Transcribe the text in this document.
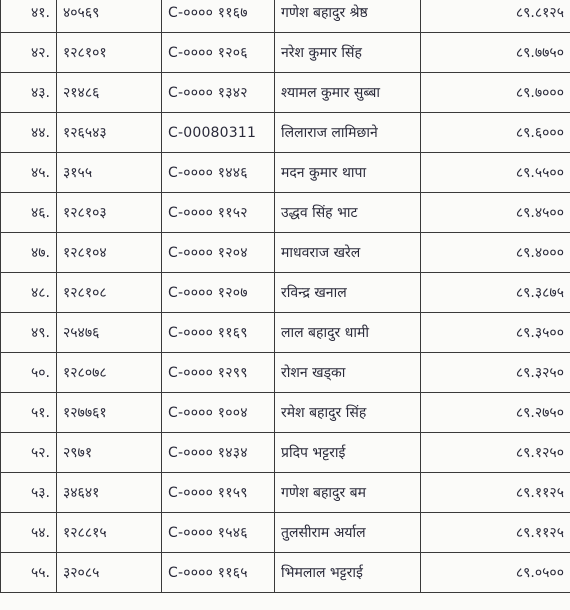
४१.	४०५६९	C-०००० ११६७	गणेश बहादुर श्रेष्ठ	८९.८१२५
४२.	१२८१०१	C-०००० १२०६	नरेश कुमार सिंह	८९.७७५०
४३.	२१४८६	C-०००० १३४२	श्यामल कुमार सुब्बा	८९.७०००
४४.	१२६५४३	C-00080311	लिलाराज लामिछाने	८९.६०००
४५.	३१५५	C-०००० १४४६	मदन कुमार थापा	८९.५५००
४६.	१२८१०३	C-०००० ११५२	उद्धव सिंह भाट	८९.४५००
४७.	१२८१०४	C-०००० १२०४	माधवराज खरेल	८९.४०००
४८.	१२८१०८	C-०००० १२०७	रविन्द्र खनाल	८९.३८७५
४९.	२५४७६	C-०००० ११६९	लाल बहादुर धामी	८९.३५००
५०.	१२८०७८	C-०००० १२९९	रोशन खड्का	८९.३२५०
५१.	१२७७६१	C-०००० १००४	रमेश बहादुर सिंह	८९.२७५०
५२.	२९७१	C-०००० १४३४	प्रदिप भट्टराई	८९.१२५०
५३.	३४६४१	C-०००० ११५९	गणेश बहादुर बम	८९.११२५
५४.	१२८८१५	C-०००० १५४६	तुलसीराम अर्याल	८९.११२५
५५.	३२०८५	C-०००० ११६५	भिमलाल भट्टराई	८९.०५००
